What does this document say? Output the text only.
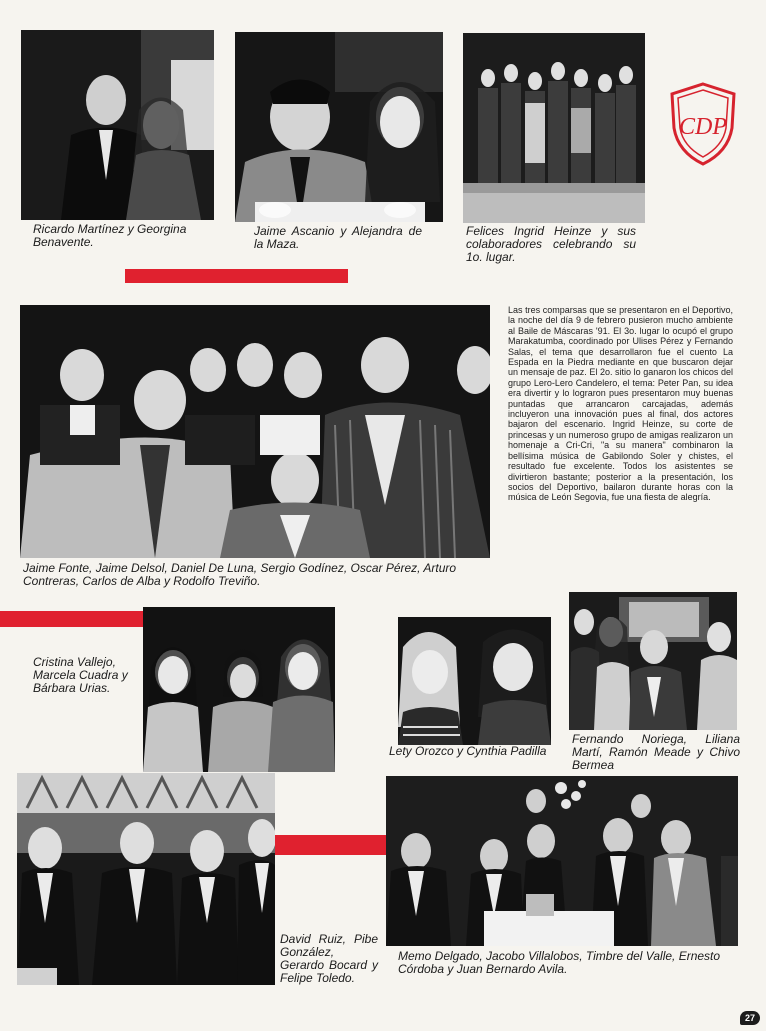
Ricardo Martínez y Georgina Benavente.
Jaime Ascanio y Alejandra de la Maza.
Felices Ingrid Heinze y sus colaboradores celebrando su 1o. lugar.
CDP
Jaime Fonte, Jaime Delsol, Daniel De Luna, Sergio Godínez, Oscar Pérez, Arturo Contreras, Carlos de Alba y Rodolfo Treviño.
Las tres comparsas que se presentaron en el Deportivo, la noche del día 9 de febrero pusieron mucho ambiente al Baile de Máscaras '91. El 3o. lugar lo ocupó el grupo Marakatumba, coordinado por Ulises Pérez y Fernando Salas, el tema que desarrollaron fue el cuento La Espada en la Piedra mediante en que buscaron dejar un mensaje de paz. El 2o. sitio lo ganaron los chicos del grupo Lero-Lero Candelero, el tema: Peter Pan, su idea era divertir y lo lograron pues presentaron muy buenas puntadas que arrancaron carcajadas, además incluyeron una innovación pues al final, dos actores bajaron del escenario. Ingrid Heinze, su corte de princesas y un numeroso grupo de amigas realizaron un homenaje a Cri-Cri, "a su manera" combinaron la bellísima música de Gabilondo Soler y chistes, el resultado fue excelente. Todos los asistentes se divirtieron bastante; posterior a la presentación, los socios del Deportivo, bailaron durante horas con la música de León Segovia, fue una fiesta de alegría.
Cristina Vallejo, Marcela Cuadra y Bárbara Urias.
Lety Orozco y Cynthia Padilla
Fernando Noriega, Liliana Martí, Ramón Meade y Chivo Bermea
David Ruiz, Pibe González, Gerardo Bocard y Felipe Toledo.
Memo Delgado, Jacobo Villalobos, Timbre del Valle, Ernesto Córdoba y Juan Bernardo Avila.
27
